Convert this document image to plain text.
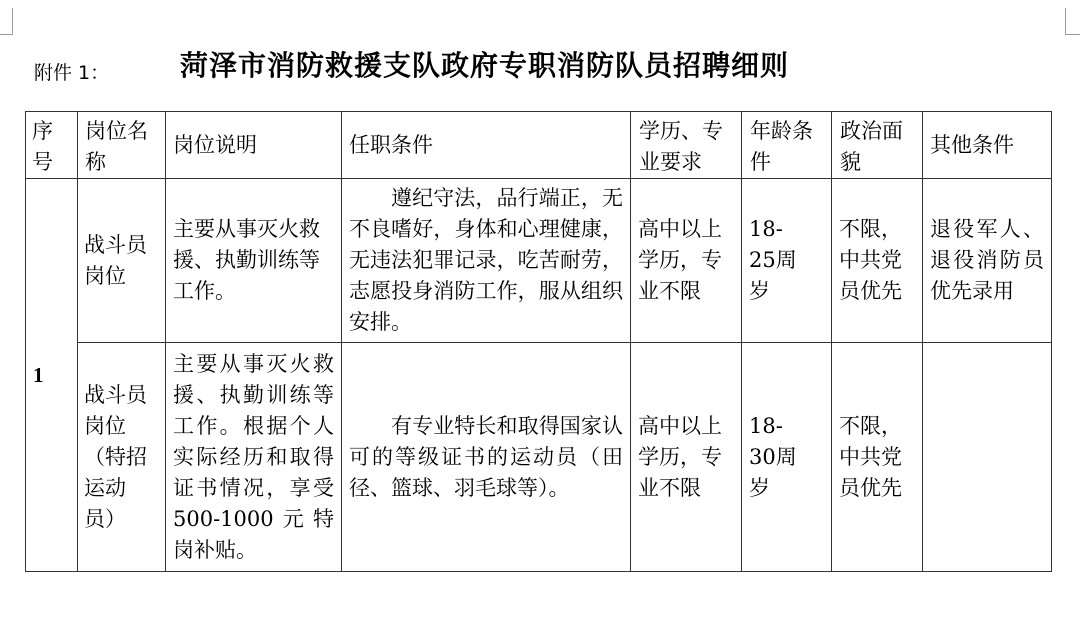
附件 1：	菏泽市消防救援支队政府专职消防队员招聘细则
序号	岗位名称	岗位说明	任职条件	学历、专业要求	年龄条件	政治面貌	其他条件

1	战斗员岗位	主要从事灭火救援、执勤训练等工作。	遵纪守法，品行端正，无不良嗜好，身体和心理健康，无违法犯罪记录，吃苦耐劳，志愿投身消防工作，服从组织安排。	高中以上学历，专业不限	18-25周岁	不限，中共党员优先	退役军人、退役消防员优先录用

	战斗员岗位（特招运动员）	主要从事灭火救援、执勤训练等工作。根据个人实际经历和取得证书情况，享受500-1000元特岗补贴。	有专业特长和取得国家认可的等级证书的运动员（田径、篮球、羽毛球等）。	高中以上学历，专业不限	18-30周岁	不限，中共党员优先	
